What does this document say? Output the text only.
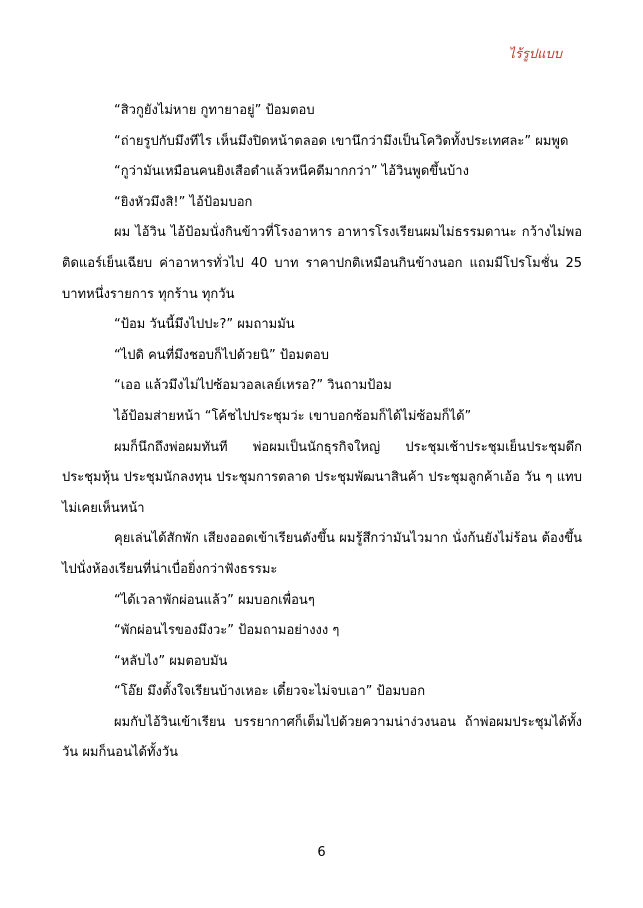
ไร้รูปแบบ

“สิวกูยังไม่หาย กูทายาอยู่” ป้อมตอบ

“ถ่ายรูปกับมึงทีไร เห็นมึงปิดหน้าตลอด เขานึกว่ามึงเป็นโควิดทั้งประเทศละ” ผมพูด

“กูว่ามันเหมือนคนยิงเสือดำแล้วหนีคดีมากกว่า” ไอ้วินพูดขึ้นบ้าง

“ยิงหัวมึงสิ!” ไอ้ป้อมบอก

ผม ไอ้วิน ไอ้ป้อมนั่งกินข้าวที่โรงอาหาร อาหารโรงเรียนผมไม่ธรรมดานะ กว้างไม่พอติดแอร์เย็นเฉียบ ค่าอาหารทั่วไป 40 บาท ราคาปกติเหมือนกินข้างนอก แถมมีโปรโมชั่น 25 บาทหนึ่งรายการ ทุกร้าน ทุกวัน

“ป้อม วันนี้มึงไปปะ?” ผมถามมัน

“ไปดิ คนที่มึงชอบก็ไปด้วยนิ” ป้อมตอบ

“เออ แล้วมึงไม่ไปซ้อมวอลเลย์เหรอ?” วินถามป้อม

ไอ้ป้อมส่ายหน้า “โค้ชไปประชุมว่ะ เขาบอกซ้อมก็ได้ไม่ซ้อมก็ได้”

ผมก็นึกถึงพ่อผมทันที พ่อผมเป็นนักธุรกิจใหญ่ ประชุมเช้าประชุมเย็นประชุมดึก ประชุมหุ้น ประชุมนักลงทุน ประชุมการตลาด ประชุมพัฒนาสินค้า ประชุมลูกค้าเอ้อ วัน ๆ แทบไม่เคยเห็นหน้า

คุยเล่นได้สักพัก เสียงออดเข้าเรียนดังขึ้น ผมรู้สึกว่ามันไวมาก นั่งก้นยังไม่ร้อน ต้องขึ้นไปนั่งห้องเรียนที่น่าเบื่อยิ่งกว่าฟังธรรมะ

“ได้เวลาพักผ่อนแล้ว” ผมบอกเพื่อนๆ

“พักผ่อนไรของมึงวะ” ป้อมถามอย่างงง ๆ

“หลับไง” ผมตอบมัน

“โอ๊ย มึงตั้งใจเรียนบ้างเหอะ เดี๋ยวจะไม่จบเอา” ป้อมบอก

ผมกับไอ้วินเข้าเรียน บรรยากาศก็เต็มไปด้วยความน่าง่วงนอน ถ้าพ่อผมประชุมได้ทั้งวัน ผมก็นอนได้ทั้งวัน

6
